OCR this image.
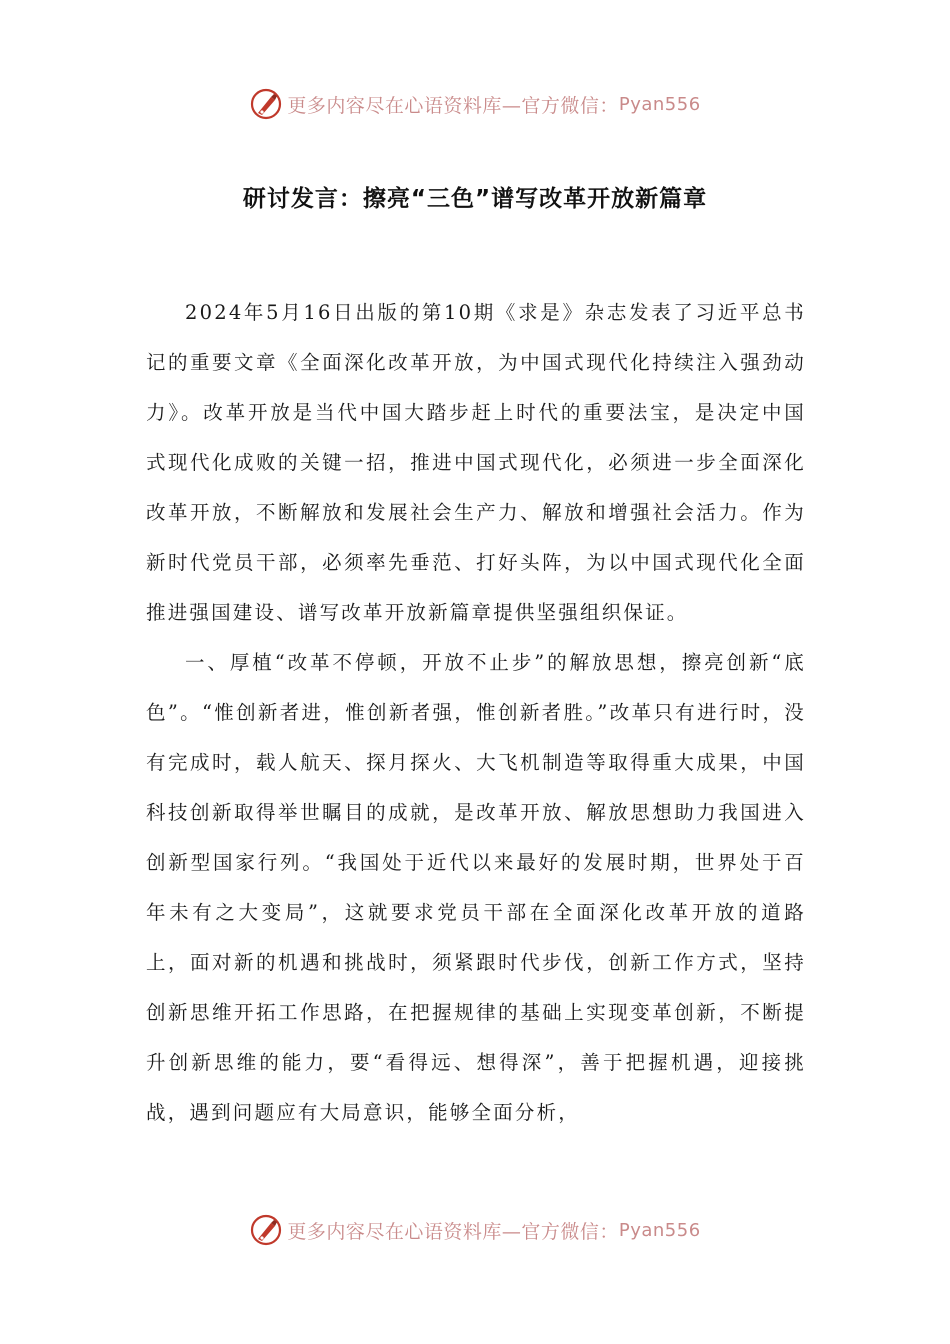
更多内容尽在心语资料库—官方微信： Pyan556
研讨发言：擦亮“三色”谱写改革开放新篇章

2024年5月16日出版的第10期《求是》杂志发表了习近平总书记的重要文章《全面深化改革开放，为中国式现代化持续注入强劲动力》。改革开放是当代中国大踏步赶上时代的重要法宝，是决定中国式现代化成败的关键一招，推进中国式现代化，必须进一步全面深化改革开放，不断解放和发展社会生产力、解放和增强社会活力。作为新时代党员干部，必须率先垂范、打好头阵，为以中国式现代化全面推进强国建设、谱写改革开放新篇章提供坚强组织保证。

一、厚植“改革不停顿，开放不止步”的解放思想，擦亮创新“底色”。“惟创新者进，惟创新者强，惟创新者胜。”改革只有进行时，没有完成时，载人航天、探月探火、大飞机制造等取得重大成果，中国科技创新取得举世瞩目的成就，是改革开放、解放思想助力我国进入创新型国家行列。“我国处于近代以来最好的发展时期，世界处于百年未有之大变局”，这就要求党员干部在全面深化改革开放的道路上，面对新的机遇和挑战时，须紧跟时代步伐，创新工作方式，坚持创新思维开拓工作思路，在把握规律的基础上实现变革创新，不断提升创新思维的能力，要“看得远、想得深”，善于把握机遇，迎接挑战，遇到问题应有大局意识，能够全面分析，

更多内容尽在心语资料库—官方微信： Pyan556
